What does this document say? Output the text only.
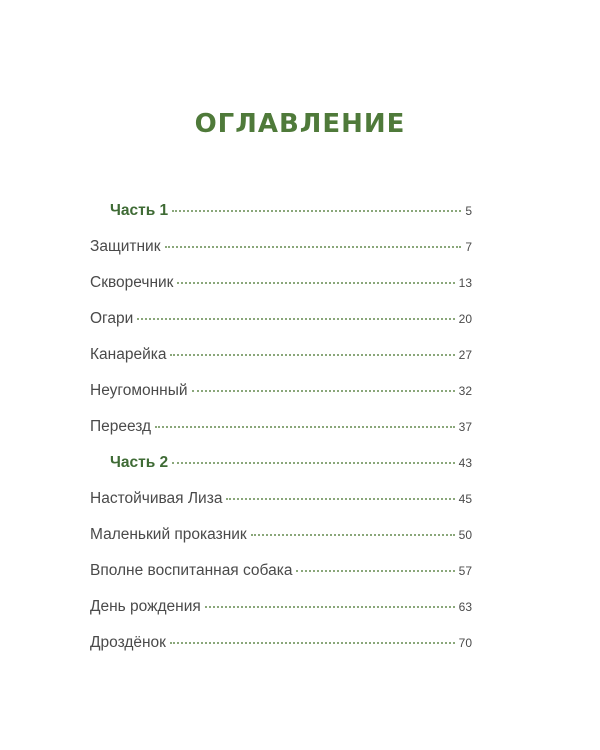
ОГЛАВЛЕНИЕ
Часть 1	5
Защитник	7
Скворечник	13
Огари	20
Канарейка	27
Неугомонный	32
Переезд	37
Часть 2	43
Настойчивая Лиза	45
Маленький проказник	50
Вполне воспитанная собака	57
День рождения	63
Дроздёнок	70
